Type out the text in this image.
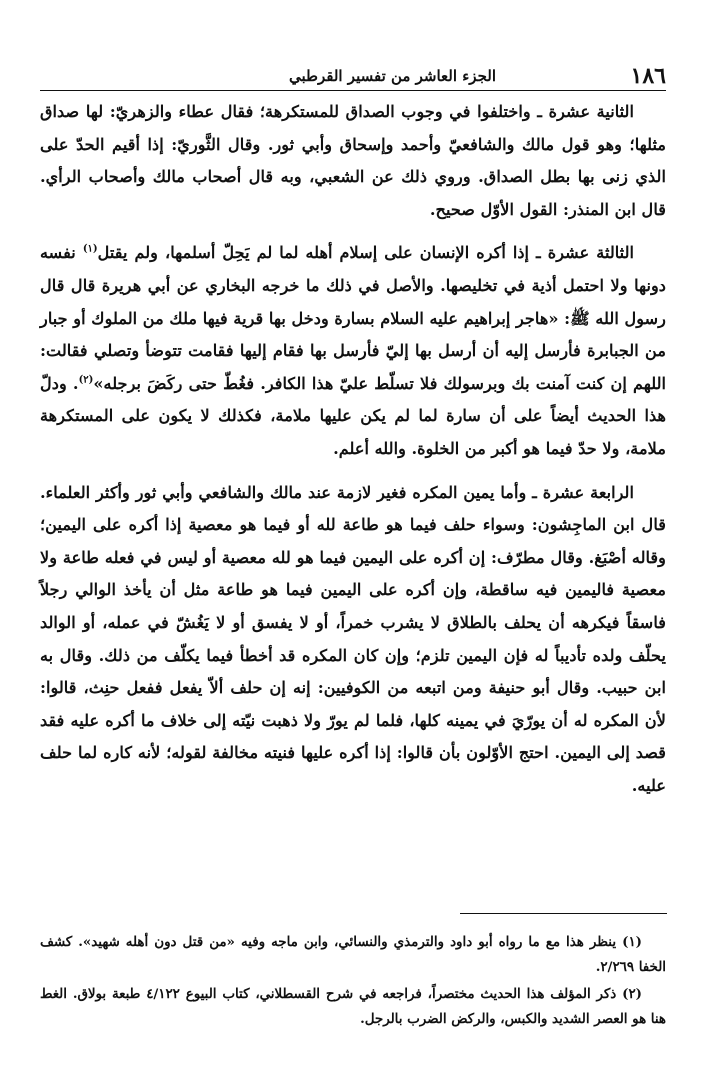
١٨٦
الجزء العاشر من تفسير القرطبي

الثانية عشرة ـ واختلفوا في وجوب الصداق للمستكرهة؛ فقال عطاء والزهريّ: لها صداق مثلها؛ وهو قول مالك والشافعيّ وأحمد وإسحاق وأبي ثور. وقال الثَّوريّ: إذا أقيم الحدّ على الذي زنى بها بطل الصداق. وروي ذلك عن الشعبي، وبه قال أصحاب مالك وأصحاب الرأي. قال ابن المنذر: القول الأوّل صحيح.

الثالثة عشرة ـ إذا أكره الإنسان على إسلام أهله لما لم يَحِلّ أسلمها، ولم يقتل$^{(١)}$ نفسه دونها ولا احتمل أذية في تخليصها. والأصل في ذلك ما خرجه البخاري عن أبي هريرة قال قال رسول الله ﷺ: «هاجر إبراهيم عليه السلام بسارة ودخل بها قرية فيها ملك من الملوك أو جبار من الجبابرة فأرسل إليه أن أرسل بها إليّ فأرسل بها فقام إليها فقامت تتوضأ وتصلي فقالت: اللهم إن كنت آمنت بك وبرسولك فلا تسلّط عليّ هذا الكافر. فغُطّ حتى ركَضَ برجله»$^{(٢)}$. ودلّ هذا الحديث أيضاً على أن سارة لما لم يكن عليها ملامة، فكذلك لا يكون على المستكرهة ملامة، ولا حدّ فيما هو أكبر من الخلوة. والله أعلم.

الرابعة عشرة ـ وأما يمين المكره فغير لازمة عند مالك والشافعي وأبي ثور وأكثر العلماء. قال ابن الماجِشون: وسواء حلف فيما هو طاعة لله أو فيما هو معصية إذا أكره على اليمين؛ وقاله أصْبَغ. وقال مطرّف: إن أكره على اليمين فيما هو لله معصية أو ليس في فعله طاعة ولا معصية فاليمين فيه ساقطة، وإن أكره على اليمين فيما هو طاعة مثل أن يأخذ الوالي رجلاً فاسقاً فيكرهه أن يحلف بالطلاق لا يشرب خمراً، أو لا يفسق أو لا يَغُشّ في عمله، أو الوالد يحلّف ولده تأديباً له فإن اليمين تلزم؛ وإن كان المكره قد أخطأ فيما يكلّف من ذلك. وقال به ابن حبيب. وقال أبو حنيفة ومن اتبعه من الكوفيين: إنه إن حلف ألاّ يفعل ففعل حنِث، قالوا: لأن المكره له أن يورّيَ في يمينه كلها، فلما لم يورّ ولا ذهبت نيّته إلى خلاف ما أكره عليه فقد قصد إلى اليمين. احتج الأوّلون بأن قالوا: إذا أكره عليها فنيته مخالفة لقوله؛ لأنه كاره لما حلف عليه.

(١) ينظر هذا مع ما رواه أبو داود والترمذي والنسائي، وابن ماجه وفيه «من قتل دون أهله شهيد». كشف الخفا ٢/٢٦٩.

(٢) ذكر المؤلف هذا الحديث مختصراً، فراجعه في شرح القسطلاني، كتاب البيوع ٤/١٢٢ طبعة بولاق. الغط هنا هو العصر الشديد والكبس، والركض الضرب بالرجل.
